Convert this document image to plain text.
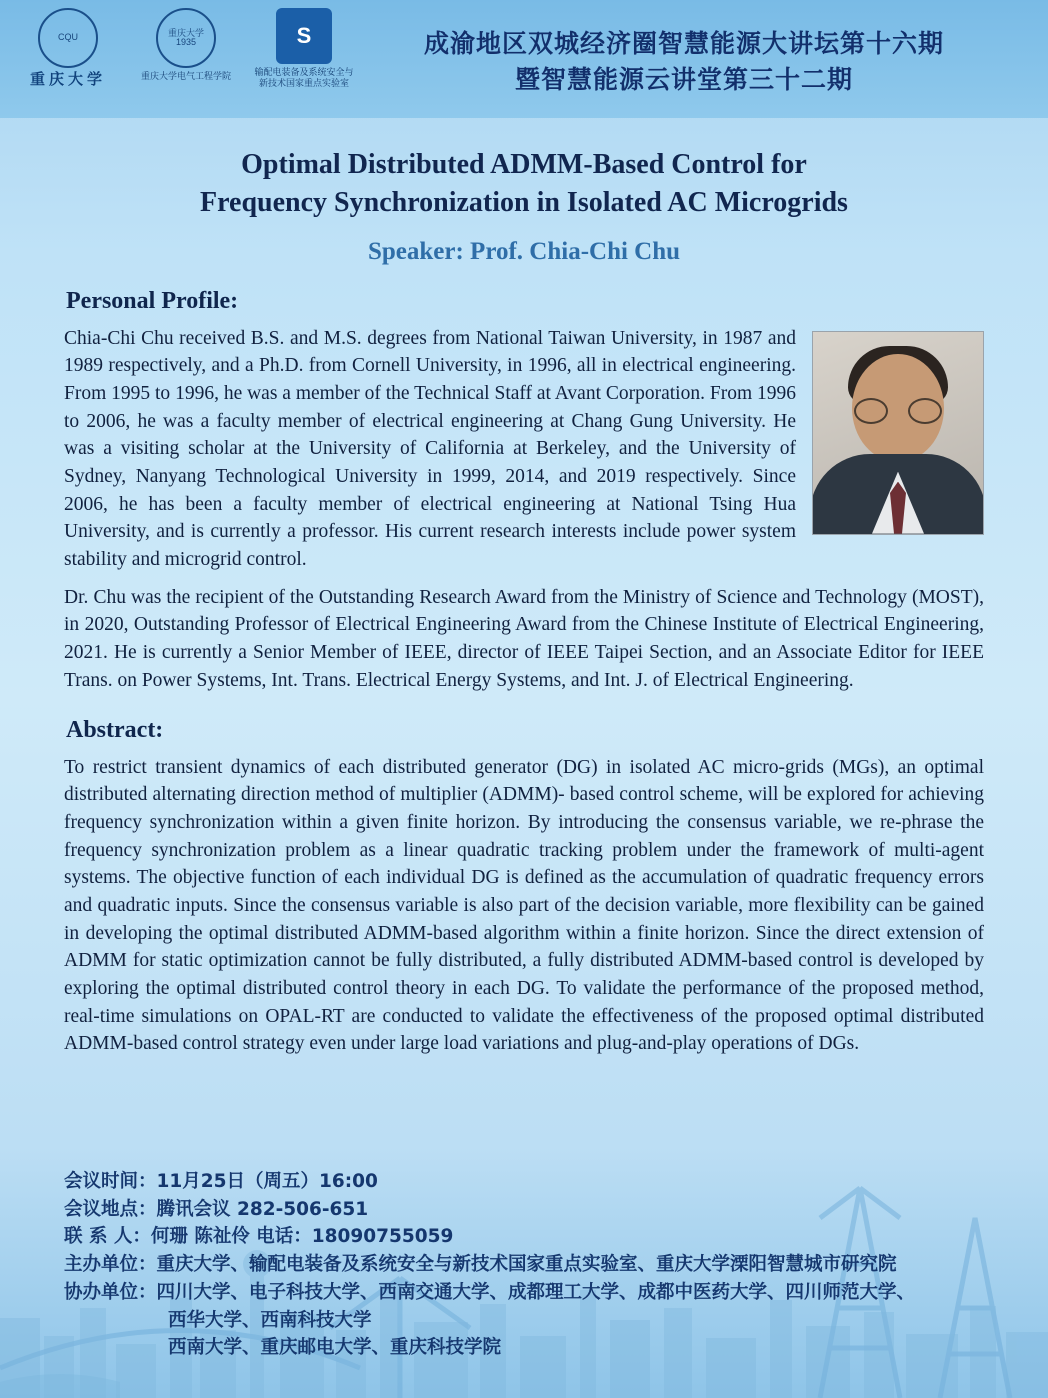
CQU
重庆大学
重庆大学
1935
重庆大学电气工程学院
S
输配电装备及系统安全与新技术国家重点实验室
成渝地区双城经济圈智慧能源大讲坛第十六期
暨智慧能源云讲堂第三十二期
Optimal Distributed ADMM-Based Control for
Frequency Synchronization in Isolated AC Microgrids
Speaker: Prof. Chia-Chi Chu
Personal Profile:

Chia-Chi Chu received B.S. and M.S. degrees from National Taiwan University, in 1987 and 1989 respectively, and a Ph.D. from Cornell University, in 1996, all in electrical engineering. From 1995 to 1996, he was a member of the Technical Staff at Avant Corporation. From 1996 to 2006, he was a faculty member of electrical engineering at Chang Gung University. He was a visiting scholar at the University of California at Berkeley, and the University of Sydney, Nanyang Technological University in 1999, 2014, and 2019 respectively. Since 2006, he has been a faculty member of electrical engineering at National Tsing Hua University, and is currently a professor. His current research interests include power system stability and microgrid control.

Dr. Chu was the recipient of the Outstanding Research Award from the Ministry of Science and Technology (MOST), in 2020, Outstanding Professor of Electrical Engineering Award from the Chinese Institute of Electrical Engineering, 2021. He is currently a Senior Member of IEEE, director of IEEE Taipei Section, and an Associate Editor for IEEE Trans. on Power Systems, Int. Trans. Electrical Energy Systems, and Int. J. of Electrical Engineering.

Abstract:

To restrict transient dynamics of each distributed generator (DG) in isolated AC micro-grids (MGs), an optimal distributed alternating direction method of multiplier (ADMM)- based control scheme, will be explored for achieving frequency synchronization within a given finite horizon. By introducing the consensus variable, we re-phrase the frequency synchronization problem as a linear quadratic tracking problem under the framework of multi-agent systems. The objective function of each individual DG is defined as the accumulation of quadratic frequency errors and quadratic inputs. Since the consensus variable is also part of the decision variable, more flexibility can be gained in developing the optimal distributed ADMM-based algorithm within a finite horizon. Since the direct extension of ADMM for static optimization cannot be fully distributed, a fully distributed ADMM-based control is developed by exploring the optimal distributed control theory in each DG. To validate the performance of the proposed method, real-time simulations on OPAL-RT are conducted to validate the effectiveness of the proposed optimal distributed ADMM-based control strategy even under large load variations and plug-and-play operations of DGs.

会议时间：11月25日（周五）16:00
会议地点：腾讯会议 282-506-651
联 系 人：何珊 陈祉伶 电话：18090755059
主办单位：重庆大学、输配电装备及系统安全与新技术国家重点实验室、重庆大学溧阳智慧城市研究院
协办单位：四川大学、电子科技大学、西南交通大学、成都理工大学、成都中医药大学、四川师范大学、
西华大学、西南科技大学
西南大学、重庆邮电大学、重庆科技学院
